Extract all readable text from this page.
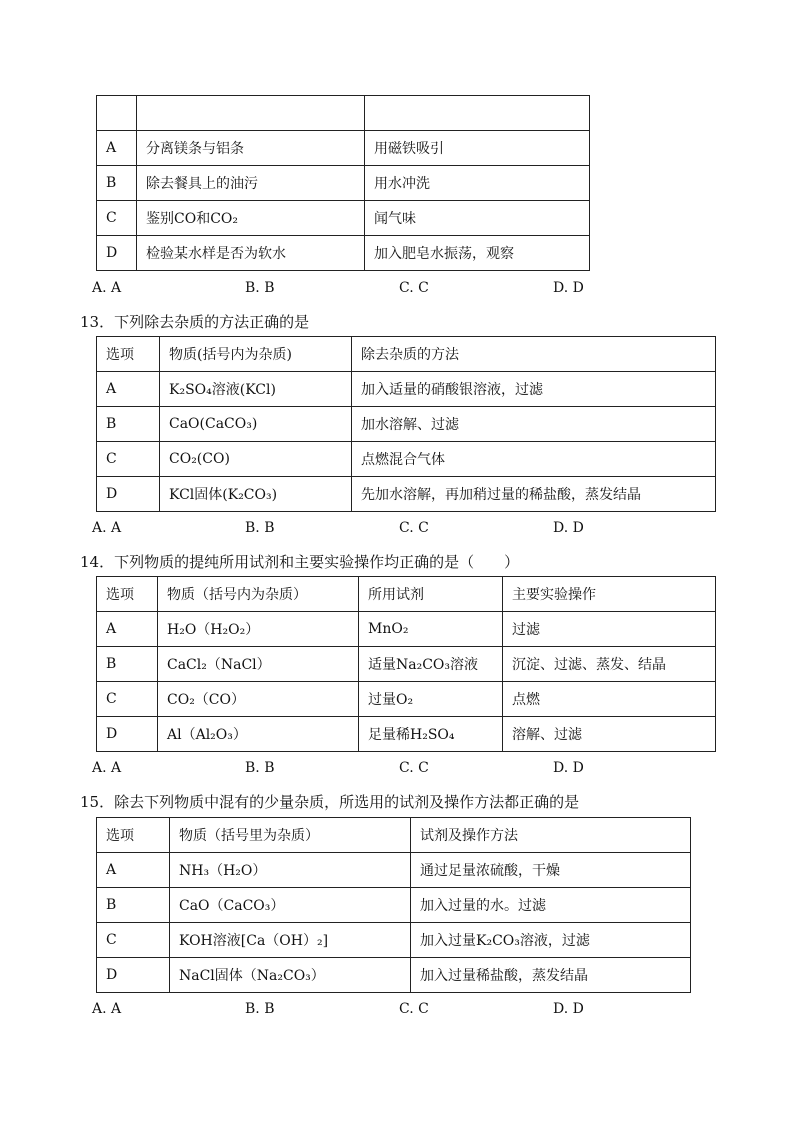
A	分离镁条与铝条	用磁铁吸引
B	除去餐具上的油污	用水冲洗
C	鉴别CO和CO₂	闻气味
D	检验某水样是否为软水	加入肥皂水振荡，观察
A. A	B. B	C. C	D. D
13．下列除去杂质的方法正确的是
选项	物质(括号内为杂质)	除去杂质的方法
A	K₂SO₄溶液(KCl)	加入适量的硝酸银溶液，过滤
B	CaO(CaCO₃)	加水溶解、过滤
C	CO₂(CO)	点燃混合气体
D	KCl固体(K₂CO₃)	先加水溶解，再加稍过量的稀盐酸，蒸发结晶
A. A	B. B	C. C	D. D
14．下列物质的提纯所用试剂和主要实验操作均正确的是（　　）
选项	物质（括号内为杂质）	所用试剂	主要实验操作
A	H₂O（H₂O₂）	MnO₂	过滤
B	CaCl₂（NaCl）	适量Na₂CO₃溶液	沉淀、过滤、蒸发、结晶
C	CO₂（CO）	过量O₂	点燃
D	Al（Al₂O₃）	足量稀H₂SO₄	溶解、过滤
A. A	B. B	C. C	D. D
15．除去下列物质中混有的少量杂质，所选用的试剂及操作方法都正确的是
选项	物质（括号里为杂质）	试剂及操作方法
A	NH₃（H₂O）	通过足量浓硫酸，干燥
B	CaO（CaCO₃）	加入过量的水。过滤
C	KOH溶液[Ca（OH）₂]	加入过量K₂CO₃溶液，过滤
D	NaCl固体（Na₂CO₃）	加入过量稀盐酸，蒸发结晶
A. A	B. B	C. C	D. D
